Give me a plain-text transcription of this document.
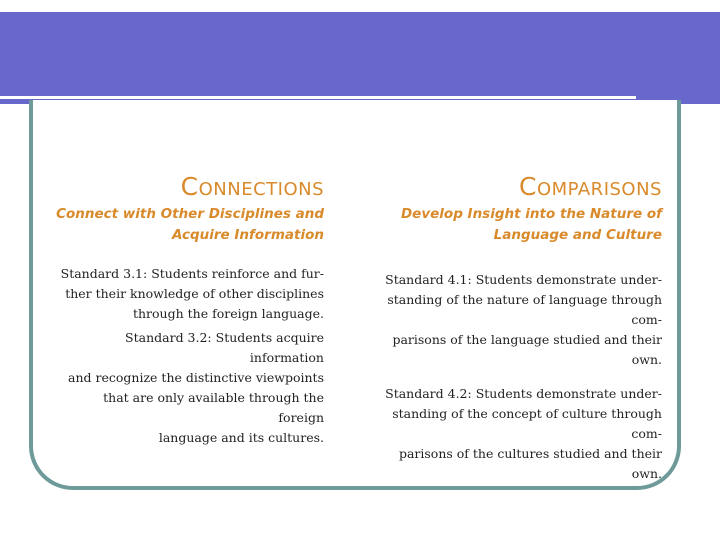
Connections
Connect with Other Disciplines and
Acquire Information
Standard 3.1: Students reinforce and fur-
ther their knowledge of other disciplines
through the foreign language.
Standard 3.2: Students acquire information
and recognize the distinctive viewpoints
that are only available through the foreign
language and its cultures.
Comparisons
Develop Insight into the Nature of
Language and Culture
Standard 4.1: Students demonstrate under-
standing of the nature of language through com-
parisons of the language studied and their own.
Standard 4.2: Students demonstrate under-
standing of the concept of culture through com-
parisons of the cultures studied and their own.
